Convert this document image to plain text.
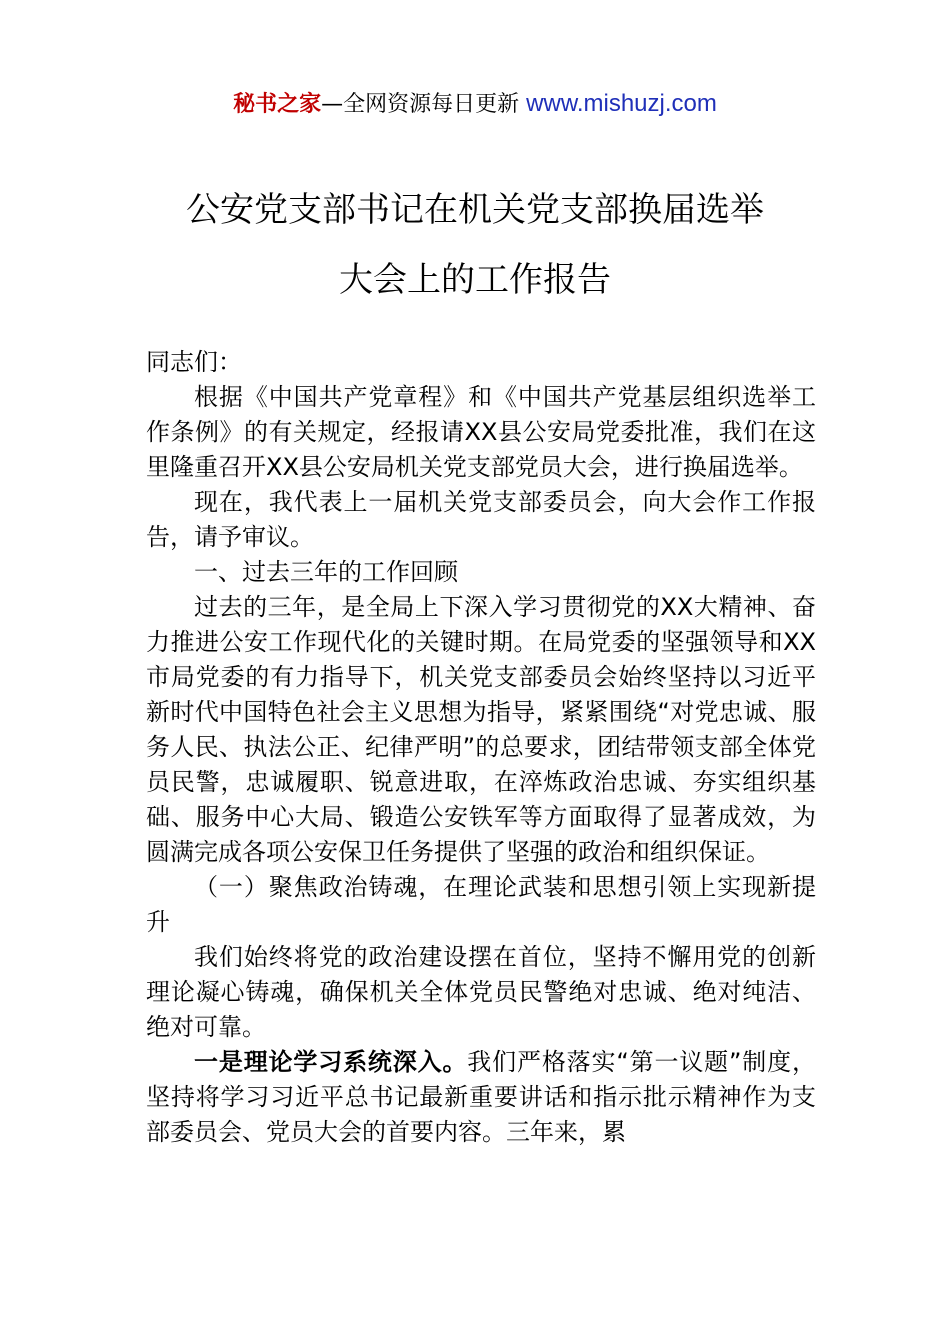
秘书之家—全网资源每日更新 www.mishuzj.com
公安党支部书记在机关党支部换届选举
大会上的工作报告

同志们：

根据《中国共产党章程》和《中国共产党基层组织选举工作条例》的有关规定，经报请XX县公安局党委批准，我们在这里隆重召开XX县公安局机关党支部党员大会，进行换届选举。

现在，我代表上一届机关党支部委员会，向大会作工作报告，请予审议。

一、过去三年的工作回顾

过去的三年，是全局上下深入学习贯彻党的XX大精神、奋力推进公安工作现代化的关键时期。在局党委的坚强领导和XX市局党委的有力指导下，机关党支部委员会始终坚持以习近平新时代中国特色社会主义思想为指导，紧紧围绕“对党忠诚、服务人民、执法公正、纪律严明”的总要求，团结带领支部全体党员民警，忠诚履职、锐意进取，在淬炼政治忠诚、夯实组织基础、服务中心大局、锻造公安铁军等方面取得了显著成效，为圆满完成各项公安保卫任务提供了坚强的政治和组织保证。

（一）聚焦政治铸魂，在理论武装和思想引领上实现新提升

我们始终将党的政治建设摆在首位，坚持不懈用党的创新理论凝心铸魂，确保机关全体党员民警绝对忠诚、绝对纯洁、绝对可靠。

一是理论学习系统深入。我们严格落实“第一议题”制度，坚持将学习习近平总书记最新重要讲话和指示批示精神作为支部委员会、党员大会的首要内容。三年来，累
